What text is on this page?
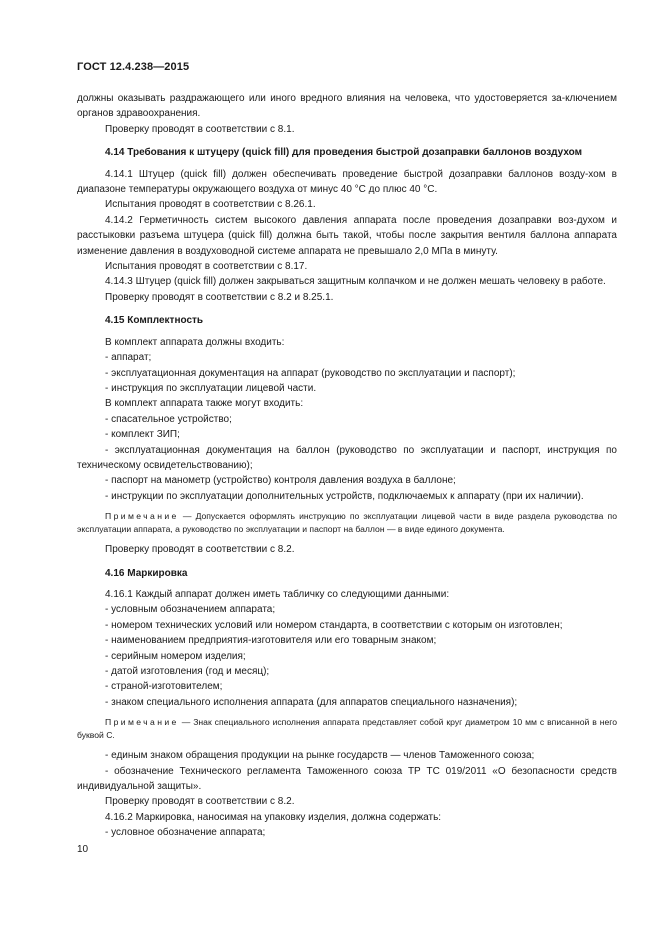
ГОСТ 12.4.238—2015

должны оказывать раздражающего или иного вредного влияния на человека, что удостоверяется за-ключением органов здравоохранения.

Проверку проводят в соответствии с 8.1.

4.14 Требования к штуцеру (quick fill) для проведения быстрой дозаправки баллонов воздухом

4.14.1 Штуцер (quick fill) должен обеспечивать проведение быстрой дозаправки баллонов возду-хом в диапазоне температуры окружающего воздуха от минус 40 °С до плюс 40 °С.

Испытания проводят в соответствии с 8.26.1.

4.14.2 Герметичность систем высокого давления аппарата после проведения дозаправки воз-духом и расстыковки разъема штуцера (quick fill) должна быть такой, чтобы после закрытия вентиля баллона аппарата изменение давления в воздуховодной системе аппарата не превышало 2,0 МПа в минуту.

Испытания проводят в соответствии с 8.17.

4.14.3 Штуцер (quick fill) должен закрываться защитным колпачком и не должен мешать человеку в работе.

Проверку проводят в соответствии с 8.2 и 8.25.1.

4.15 Комплектность

В комплект аппарата должны входить:

- аппарат;

- эксплуатационная документация на аппарат (руководство по эксплуатации и паспорт);

- инструкция по эксплуатации лицевой части.

В комплект аппарата также могут входить:

- спасательное устройство;

- комплект ЗИП;

- эксплуатационная документация на баллон (руководство по эксплуатации и паспорт, инструкция по техническому освидетельствованию);

- паспорт на манометр (устройство) контроля давления воздуха в баллоне;

- инструкции по эксплуатации дополнительных устройств, подключаемых к аппарату (при их наличии).

Примечание — Допускается оформлять инструкцию по эксплуатации лицевой части в виде раздела руководства по эксплуатации аппарата, а руководство по эксплуатации и паспорт на баллон — в виде единого документа.

Проверку проводят в соответствии с 8.2.

4.16 Маркировка

4.16.1 Каждый аппарат должен иметь табличку со следующими данными:

- условным обозначением аппарата;

- номером технических условий или номером стандарта, в соответствии с которым он изготовлен;

- наименованием предприятия-изготовителя или его товарным знаком;

- серийным номером изделия;

- датой изготовления (год и месяц);

- страной-изготовителем;

- знаком специального исполнения аппарата (для аппаратов специального назначения);

Примечание — Знак специального исполнения аппарата представляет собой круг диаметром 10 мм с вписанной в него буквой С.

- единым знаком обращения продукции на рынке государств — членов Таможенного союза;

- обозначение Технического регламента Таможенного союза ТР ТС 019/2011 «О безопасности средств индивидуальной защиты».

Проверку проводят в соответствии с 8.2.

4.16.2 Маркировка, наносимая на упаковку изделия, должна содержать:

- условное обозначение аппарата;

10
